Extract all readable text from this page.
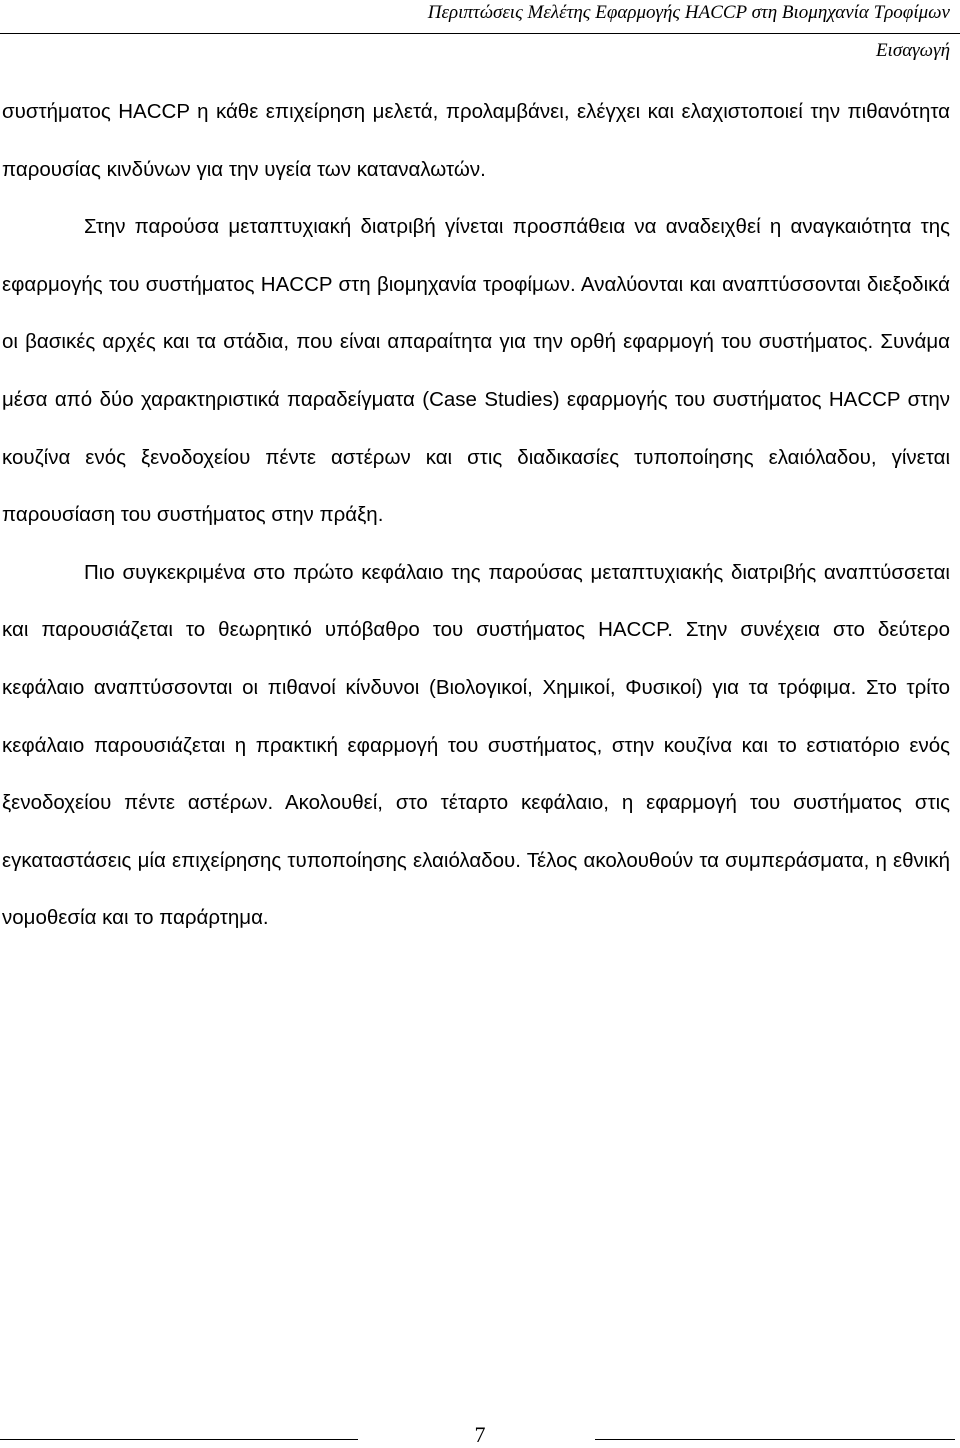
Περιπτώσεις Μελέτης Εφαρμογής HACCP στη Βιομηχανία Τροφίμων
Εισαγωγή

συστήματος HACCP η κάθε επιχείρηση μελετά, προλαμβάνει, ελέγχει και ελαχιστοποιεί την πιθανότητα παρουσίας κινδύνων για την υγεία των καταναλωτών.

Στην παρούσα μεταπτυχιακή διατριβή γίνεται προσπάθεια να αναδειχθεί η αναγκαιότητα της εφαρμογής του συστήματος HACCP στη βιομηχανία τροφίμων. Αναλύονται και αναπτύσσονται διεξοδικά οι βασικές αρχές και τα στάδια, που είναι απαραίτητα για την ορθή εφαρμογή του συστήματος. Συνάμα μέσα από δύο χαρακτηριστικά παραδείγματα (Case Studies) εφαρμογής του συστήματος HACCP στην κουζίνα ενός ξενοδοχείου πέντε αστέρων και στις διαδικασίες τυποποίησης ελαιόλαδου, γίνεται παρουσίαση του συστήματος στην πράξη.

Πιο συγκεκριμένα στο πρώτο κεφάλαιο της παρούσας μεταπτυχιακής διατριβής αναπτύσσεται και παρουσιάζεται το θεωρητικό υπόβαθρο του συστήματος HACCP. Στην συνέχεια στο δεύτερο κεφάλαιο αναπτύσσονται οι πιθανοί κίνδυνοι (Βιολογικοί, Χημικοί, Φυσικοί) για τα τρόφιμα. Στο τρίτο κεφάλαιο παρουσιάζεται η πρακτική εφαρμογή του συστήματος, στην κουζίνα και το εστιατόριο ενός ξενοδοχείου πέντε αστέρων. Ακολουθεί, στο τέταρτο κεφάλαιο, η εφαρμογή του συστήματος στις εγκαταστάσεις μία επιχείρησης τυποποίησης ελαιόλαδου. Τέλος ακολουθούν τα συμπεράσματα, η εθνική νομοθεσία και το παράρτημα.

7
